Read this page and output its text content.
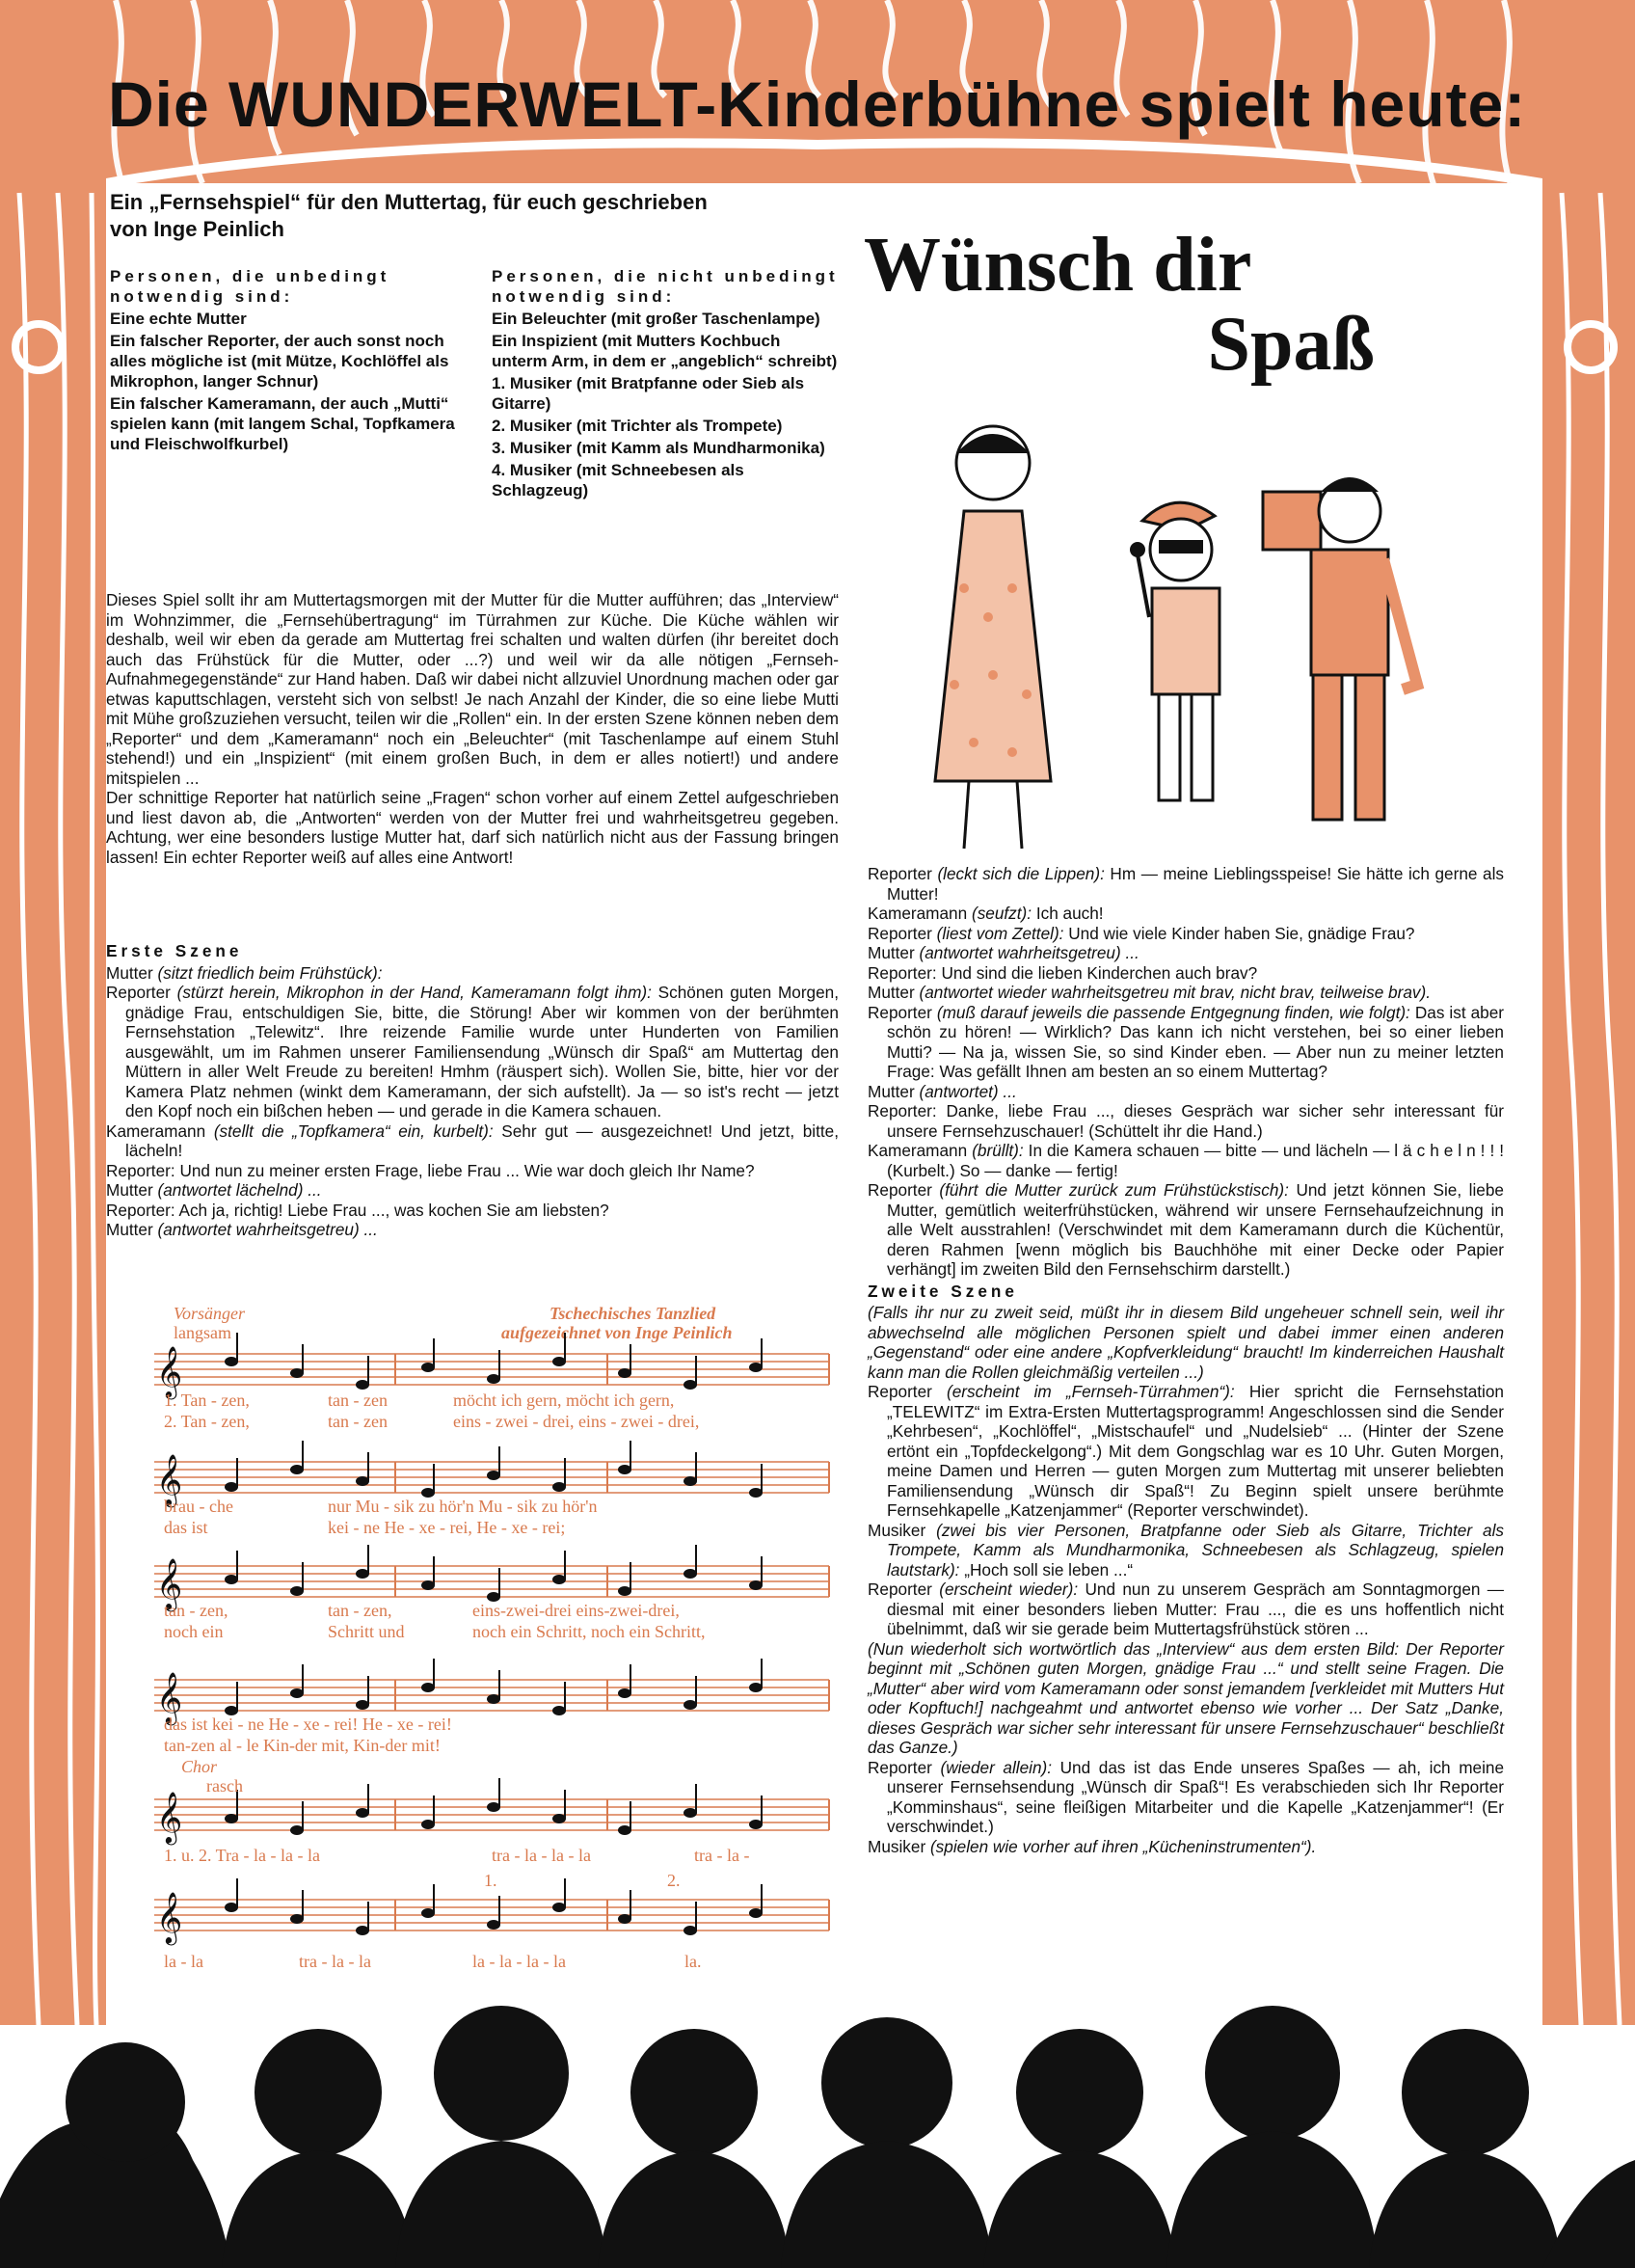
Die WUNDERWELT-Kinderbühne spielt heute:
Ein „Fernsehspiel“ für den Muttertag, für euch geschrieben
von Inge Peinlich

Personen, die unbedingt notwendig sind:

Eine echte Mutter

Ein falscher Reporter, der auch sonst noch alles mögliche ist (mit Mütze, Kochlöffel als Mikrophon, langer Schnur)

Ein falscher Kameramann, der auch „Mutti“ spielen kann (mit langem Schal, Topfkamera und Fleischwolfkurbel)

Personen, die nicht unbedingt notwendig sind:

Ein Beleuchter (mit großer Taschenlampe)

Ein Inspizient (mit Mutters Kochbuch unterm Arm, in dem er „angeblich“ schreibt)

1. Musiker (mit Bratpfanne oder Sieb als Gitarre)

2. Musiker (mit Trichter als Trompete)

3. Musiker (mit Kamm als Mundharmonika)

4. Musiker (mit Schneebesen als Schlagzeug)

Wünsch dir
Spaß

Dieses Spiel sollt ihr am Muttertagsmorgen mit der Mutter für die Mutter aufführen; das „Interview“ im Wohnzimmer, die „Fernsehübertragung“ im Türrahmen zur Küche. Die Küche wählen wir deshalb, weil wir eben da gerade am Muttertag frei schalten und walten dürfen (ihr bereitet doch auch das Frühstück für die Mutter, oder ...?) und weil wir da alle nötigen „Fernseh-Aufnahmegegenstände“ zur Hand haben. Daß wir dabei nicht allzuviel Unordnung machen oder gar etwas kaputtschlagen, versteht sich von selbst! Je nach Anzahl der Kinder, die so eine liebe Mutti mit Mühe großzuziehen versucht, teilen wir die „Rollen“ ein. In der ersten Szene können neben dem „Reporter“ und dem „Kameramann“ noch ein „Beleuchter“ (mit Taschenlampe auf einem Stuhl stehend!) und ein „Inspizient“ (mit einem großen Buch, in dem er alles notiert!) und andere mitspielen ...

Der schnittige Reporter hat natürlich seine „Fragen“ schon vorher auf einem Zettel aufgeschrieben und liest davon ab, die „Antworten“ werden von der Mutter frei und wahrheitsgetreu gegeben. Achtung, wer eine besonders lustige Mutter hat, darf sich natürlich nicht aus der Fassung bringen lassen! Ein echter Reporter weiß auf alles eine Antwort!

Erste Szene

Mutter (sitzt friedlich beim Frühstück):

Reporter (stürzt herein, Mikrophon in der Hand, Kameramann folgt ihm): Schönen guten Morgen, gnädige Frau, entschuldigen Sie, bitte, die Störung! Aber wir kommen von der berühmten Fernsehstation „Telewitz“. Ihre reizende Familie wurde unter Hunderten von Familien ausgewählt, um im Rahmen unserer Familiensendung „Wünsch dir Spaß“ am Muttertag den Müttern in aller Welt Freude zu bereiten! Hmhm (räuspert sich). Wollen Sie, bitte, hier vor der Kamera Platz nehmen (winkt dem Kameramann, der sich aufstellt). Ja — so ist's recht — jetzt den Kopf noch ein bißchen heben — und gerade in die Kamera schauen.

Kameramann (stellt die „Topfkamera“ ein, kurbelt): Sehr gut — ausgezeichnet! Und jetzt, bitte, lächeln!

Reporter: Und nun zu meiner ersten Frage, liebe Frau ... Wie war doch gleich Ihr Name?

Mutter (antwortet lächelnd) ...

Reporter: Ach ja, richtig! Liebe Frau ..., was kochen Sie am liebsten?

Mutter (antwortet wahrheitsgetreu) ...

Vorsänger
langsam
Tschechisches Tanzlied
aufgezeichnet von Inge Peinlich
𝄞
𝄞
𝄞
𝄞
𝄞
𝄞
1. Tan - zen,	tan - zen	möcht ich gern, möcht ich gern,
2. Tan - zen,	tan - zen	eins - zwei - drei, eins - zwei - drei,
brau - che	nur Mu - sik zu hör'n Mu - sik zu hör'n
das ist	kei - ne He - xe - rei, He - xe - rei;
tan - zen,	tan - zen,	eins-zwei-drei eins-zwei-drei,
noch ein	Schritt und	noch ein Schritt, noch ein Schritt,
das ist kei - ne He - xe - rei! He - xe - rei!
tan-zen al - le Kin-der mit, Kin-der mit!
Chor
rasch
1. u. 2. Tra - la - la - la	tra - la - la - la	tra - la -
1.	2.
la - la	tra - la - la	la - la - la - la	la.

Reporter (leckt sich die Lippen): Hm — meine Lieblingsspeise! Sie hätte ich gerne als Mutter!

Kameramann (seufzt): Ich auch!

Reporter (liest vom Zettel): Und wie viele Kinder haben Sie, gnädige Frau?

Mutter (antwortet wahrheitsgetreu) ...

Reporter: Und sind die lieben Kinderchen auch brav?

Mutter (antwortet wieder wahrheitsgetreu mit brav, nicht brav, teilweise brav).

Reporter (muß darauf jeweils die passende Entgegnung finden, wie folgt): Das ist aber schön zu hören! — Wirklich? Das kann ich nicht verstehen, bei so einer lieben Mutti? — Na ja, wissen Sie, so sind Kinder eben. — Aber nun zu meiner letzten Frage: Was gefällt Ihnen am besten an so einem Muttertag?

Mutter (antwortet) ...

Reporter: Danke, liebe Frau ..., dieses Gespräch war sicher sehr interessant für unsere Fernsehzuschauer! (Schüttelt ihr die Hand.)

Kameramann (brüllt): In die Kamera schauen — bitte — und lächeln — l ä c h e l n ! ! ! (Kurbelt.) So — danke — fertig!

Reporter (führt die Mutter zurück zum Frühstückstisch): Und jetzt können Sie, liebe Mutter, gemütlich weiterfrühstücken, während wir unsere Fernsehaufzeichnung in alle Welt ausstrahlen! (Verschwindet mit dem Kameramann durch die Küchentür, deren Rahmen [wenn möglich bis Bauchhöhe mit einer Decke oder Papier verhängt] im zweiten Bild den Fernsehschirm darstellt.)

Zweite Szene

(Falls ihr nur zu zweit seid, müßt ihr in diesem Bild ungeheuer schnell sein, weil ihr abwechselnd alle möglichen Personen spielt und dabei immer einen anderen „Gegenstand“ oder eine andere „Kopfverkleidung“ braucht! Im kinderreichen Haushalt kann man die Rollen gleichmäßig verteilen ...)

Reporter (erscheint im „Fernseh-Türrahmen“): Hier spricht die Fernsehstation „TELEWITZ“ im Extra-Ersten Muttertagsprogramm! Angeschlossen sind die Sender „Kehrbesen“, „Kochlöffel“, „Mistschaufel“ und „Nudelsieb“ ... (Hinter der Szene ertönt ein „Topfdeckelgong“.) Mit dem Gongschlag war es 10 Uhr. Guten Morgen, meine Damen und Herren — guten Morgen zum Muttertag mit unserer beliebten Familiensendung „Wünsch dir Spaß“! Zu Beginn spielt unsere berühmte Fernsehkapelle „Katzenjammer“ (Reporter verschwindet).

Musiker (zwei bis vier Personen, Bratpfanne oder Sieb als Gitarre, Trichter als Trompete, Kamm als Mundharmonika, Schneebesen als Schlagzeug, spielen lautstark): „Hoch soll sie leben ...“

Reporter (erscheint wieder): Und nun zu unserem Gespräch am Sonntagmorgen — diesmal mit einer besonders lieben Mutter: Frau ..., die es uns hoffentlich nicht übelnimmt, daß wir sie gerade beim Muttertagsfrühstück stören ...

(Nun wiederholt sich wortwörtlich das „Interview“ aus dem ersten Bild: Der Reporter beginnt mit „Schönen guten Morgen, gnädige Frau ...“ und stellt seine Fragen. Die „Mutter“ aber wird vom Kameramann oder sonst jemandem [verkleidet mit Mutters Hut oder Kopftuch!] nachgeahmt und antwortet ebenso wie vorher ... Der Satz „Danke, dieses Gespräch war sicher sehr interessant für unsere Fernsehzuschauer“ beschließt das Ganze.)

Reporter (wieder allein): Und das ist das Ende unseres Spaßes — ah, ich meine unserer Fernsehsendung „Wünsch dir Spaß“! Es verabschieden sich Ihr Reporter „Komminshaus“, seine fleißigen Mitarbeiter und die Kapelle „Katzenjammer“! (Er verschwindet.)

Musiker (spielen wie vorher auf ihren „Kücheninstrumenten“).
